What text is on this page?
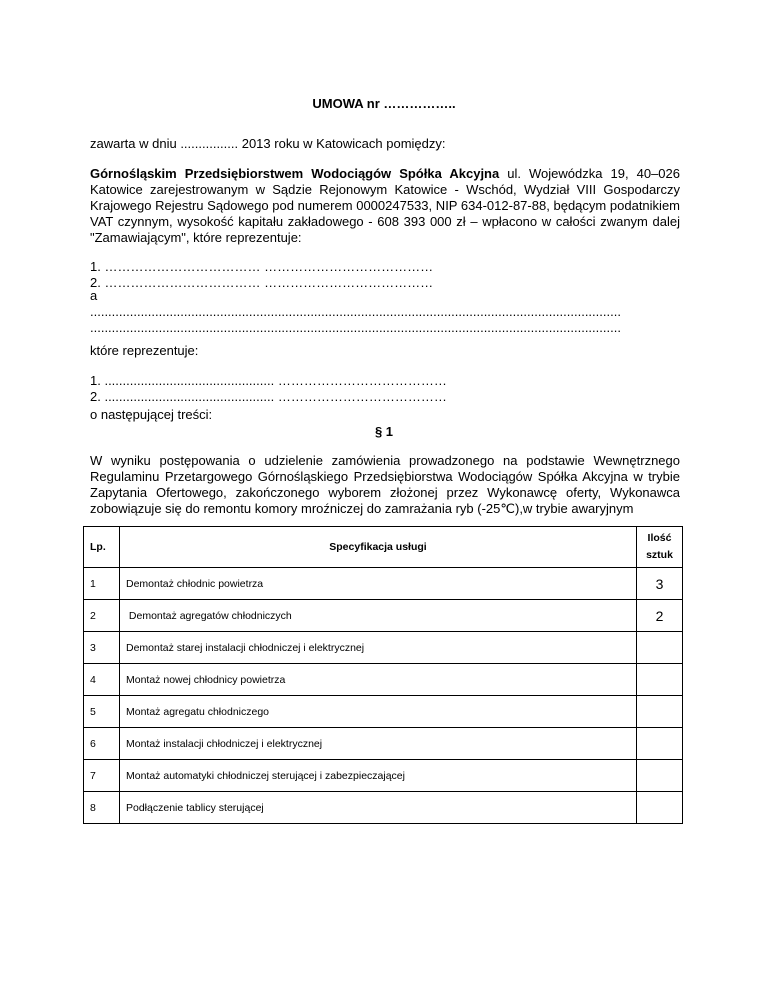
UMOWA nr ……………..
zawarta w dniu ................ 2013 roku w Katowicach pomiędzy:
Górnośląskim Przedsiębiorstwem Wodociągów Spółka Akcyjna ul. Wojewódzka 19, 40–026 Katowice zarejestrowanym w Sądzie Rejonowym Katowice - Wschód, Wydział VIII Gospodarczy Krajowego Rejestru Sądowego pod numerem 0000247533, NIP 634-012-87-88, będącym podatnikiem VAT czynnym, wysokość kapitału zakładowego - 608 393 000 zł – wpłacono w całości zwanym dalej "Zamawiającym", które reprezentuje:
1. ……………………………… …………………………………
2. ……………………………… …………………………………
a
...................................................................................................................................................
...................................................................................................................................................
które reprezentuje:
1. ............................................... …………………………………
2. ............................................... …………………………………
o następującej treści:
§ 1
W wyniku postępowania o udzielenie zamówienia prowadzonego na podstawie Wewnętrznego Regulaminu Przetargowego Górnośląskiego Przedsiębiorstwa Wodociągów Spółka Akcyjna w trybie Zapytania Ofertowego, zakończonego wyborem złożonej przez Wykonawcę oferty, Wykonawca zobowiązuje się do remontu komory mroźniczej do zamrażania ryb (-25℃),w trybie awaryjnym
Lp.	Specyfikacja usługi	Ilość
sztuk
1	Demontaż chłodnic powietrza	3
2	Demontaż agregatów chłodniczych	2
3	Demontaż starej instalacji chłodniczej i elektrycznej	
4	Montaż nowej chłodnicy powietrza	
5	Montaż agregatu chłodniczego	
6	Montaż instalacji chłodniczej i elektrycznej	
7	Montaż automatyki chłodniczej sterującej i zabezpieczającej	
8	Podłączenie tablicy sterującej	
